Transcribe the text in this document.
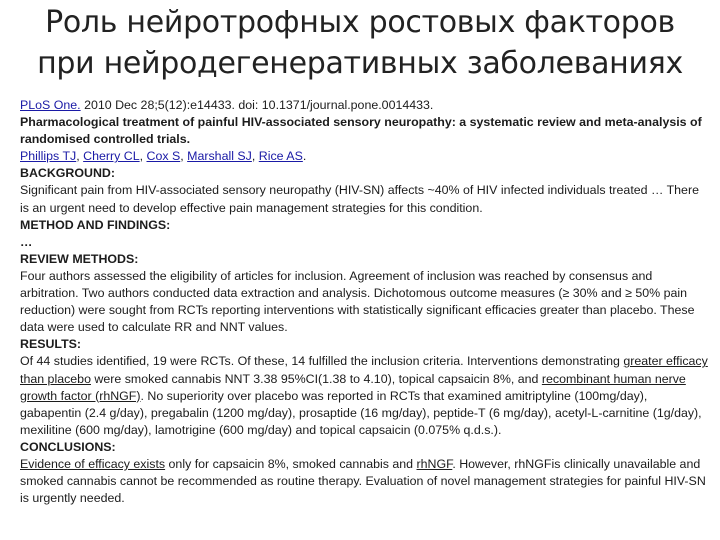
Роль нейротрофных ростовых факторов
при нейродегенеративных заболеваниях

PLoS One. 2010 Dec 28;5(12):e14433. doi: 10.1371/journal.pone.0014433.

Pharmacological treatment of painful HIV-associated sensory neuropathy: a systematic review and meta-analysis of randomised controlled trials.

Phillips TJ, Cherry CL, Cox S, Marshall SJ, Rice AS.

BACKGROUND:

Significant pain from HIV-associated sensory neuropathy (HIV-SN) affects ~40% of HIV infected individuals treated … There is an urgent need to develop effective pain management strategies for this condition.

METHOD AND FINDINGS:

…

REVIEW METHODS:

Four authors assessed the eligibility of articles for inclusion. Agreement of inclusion was reached by consensus and arbitration. Two authors conducted data extraction and analysis. Dichotomous outcome measures (≥ 30% and ≥ 50% pain reduction) were sought from RCTs reporting interventions with statistically significant efficacies greater than placebo. These data were used to calculate RR and NNT values.

RESULTS:

Of 44 studies identified, 19 were RCTs. Of these, 14 fulfilled the inclusion criteria. Interventions demonstrating greater efficacy than placebo were smoked cannabis NNT 3.38 95%CI(1.38 to 4.10), topical capsaicin 8%, and recombinant human nerve growth factor (rhNGF). No superiority over placebo was reported in RCTs that examined amitriptyline (100mg/day), gabapentin (2.4 g/day), pregabalin (1200 mg/day), prosaptide (16 mg/day), peptide-T (6 mg/day), acetyl-L-carnitine (1g/day), mexilitine (600 mg/day), lamotrigine (600 mg/day) and topical capsaicin (0.075% q.d.s.).

CONCLUSIONS:

Evidence of efficacy exists only for capsaicin 8%, smoked cannabis and rhNGF. However, rhNGFis clinically unavailable and smoked cannabis cannot be recommended as routine therapy. Evaluation of novel management strategies for painful HIV-SN is urgently needed.
